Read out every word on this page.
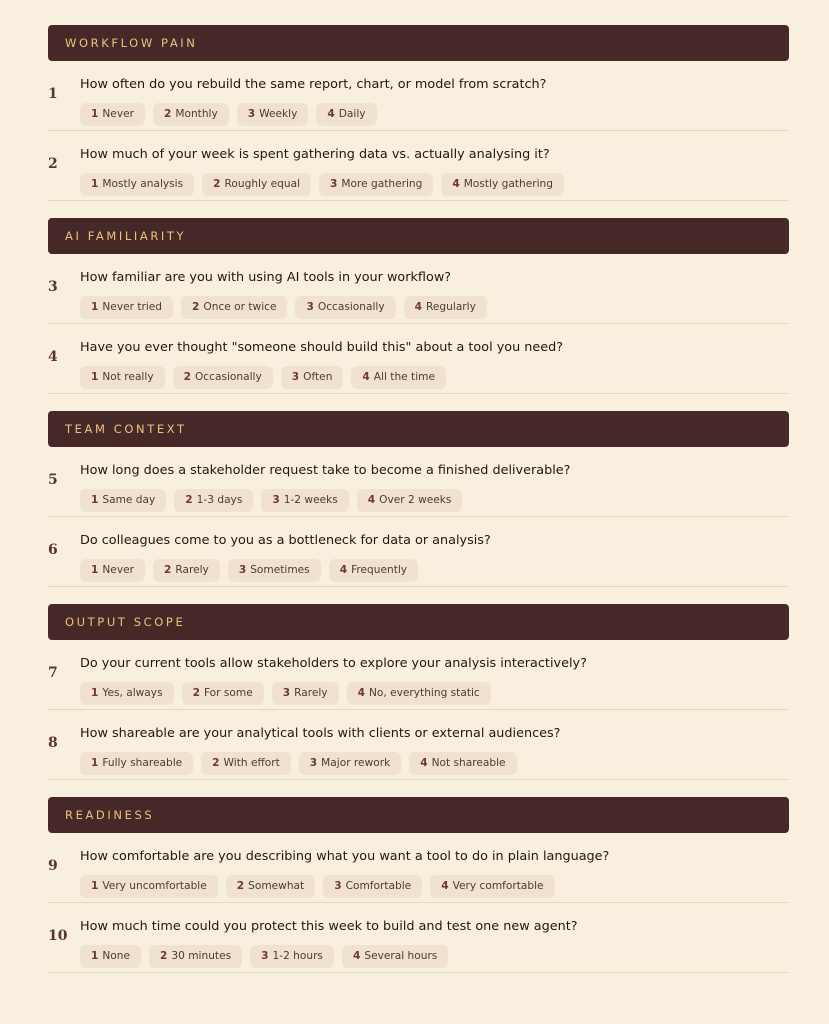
WORKFLOW PAIN
1
How often do you rebuild the same report, chart, or model from scratch?
1 Never	2 Monthly	3 Weekly	4 Daily
2
How much of your week is spent gathering data vs. actually analysing it?
1 Mostly analysis	2 Roughly equal	3 More gathering	4 Mostly gathering
AI FAMILIARITY
3
How familiar are you with using AI tools in your workflow?
1 Never tried	2 Once or twice	3 Occasionally	4 Regularly
4
Have you ever thought "someone should build this" about a tool you need?
1 Not really	2 Occasionally	3 Often	4 All the time
TEAM CONTEXT
5
How long does a stakeholder request take to become a finished deliverable?
1 Same day	2 1-3 days	3 1-2 weeks	4 Over 2 weeks
6
Do colleagues come to you as a bottleneck for data or analysis?
1 Never	2 Rarely	3 Sometimes	4 Frequently
OUTPUT SCOPE
7
Do your current tools allow stakeholders to explore your analysis interactively?
1 Yes, always	2 For some	3 Rarely	4 No, everything static
8
How shareable are your analytical tools with clients or external audiences?
1 Fully shareable	2 With effort	3 Major rework	4 Not shareable
READINESS
9
How comfortable are you describing what you want a tool to do in plain language?
1 Very uncomfortable	2 Somewhat	3 Comfortable	4 Very comfortable
10
How much time could you protect this week to build and test one new agent?
1 None	2 30 minutes	3 1-2 hours	4 Several hours
